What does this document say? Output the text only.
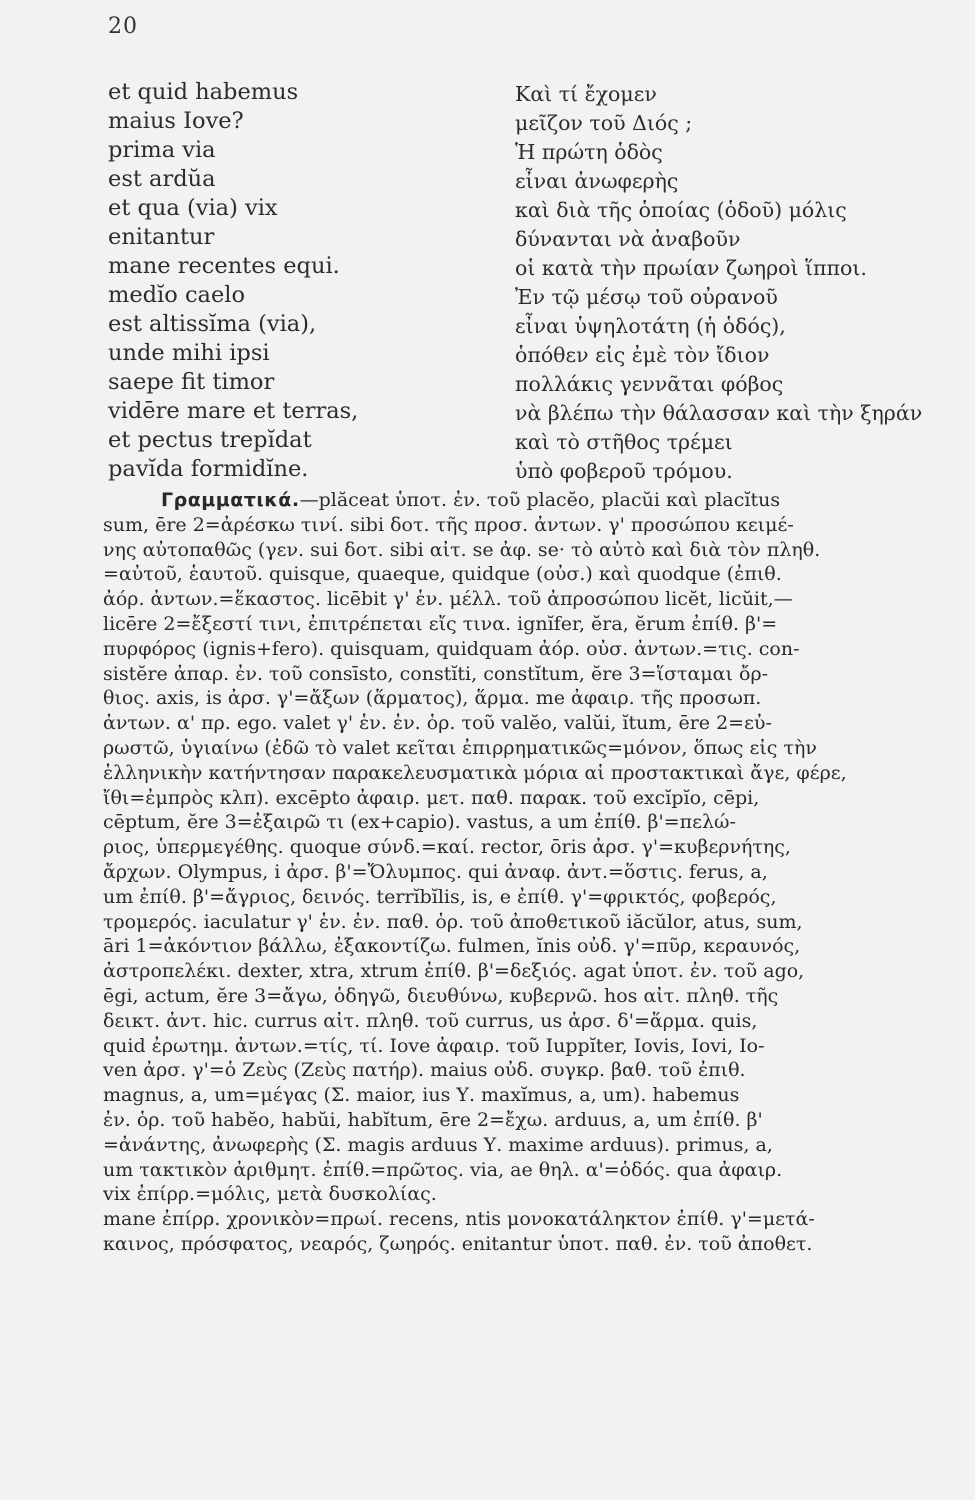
20
et quid habemus
maius Iove?
prima via
est ardŭa
et qua (via) vix
enitantur
mane recentes equi.
medĭo caelo
est altissĭma (via),
unde mihi ipsi
saepe fit timor
vidēre mare et terras,
et pectus trepĭdat
pavĭda formidĭne.
Καὶ τί ἔχομεν
μεῖζον τοῦ Διός ;
Ἡ πρώτη ὁδὸς
εἶναι ἀνωφερὴς
καὶ διὰ τῆς ὁποίας (ὁδοῦ) μόλις
δύνανται νὰ ἀναβοῦν
οἱ κατὰ τὴν πρωίαν ζωηροὶ ἵπποι.
Ἐν τῷ μέσῳ τοῦ οὐρανοῦ
εἶναι ὑψηλοτάτη (ἡ ὁδός),
ὁπόθεν εἰς ἐμὲ τὸν ἴδιον
πολλάκις γεννᾶται φόβος
νὰ βλέπω τὴν θάλασσαν καὶ τὴν ξηράν
καὶ τὸ στῆθος τρέμει
ὑπὸ φοβεροῦ τρόμου.
Γραμματικά.—plăceat ὑποτ. ἐν. τοῦ placĕo, placŭi καὶ placĭtus
sum, ēre 2=ἀρέσκω τινί. sibi δοτ. τῆς προσ. ἀντων. γ' προσώπου κειμέ-
νης αὐτοπαθῶς (γεν. sui δοτ. sibi αἰτ. se ἀφ. se· τὸ αὐτὸ καὶ διὰ τὸν πληθ.
=αὐτοῦ, ἑαυτοῦ. quisque, quaeque, quidque (οὐσ.) καὶ quodque (ἐπιθ.
ἀόρ. ἀντων.=ἕκαστος. licēbit γ' ἑν. μέλλ. τοῦ ἀπροσώπου licĕt, licŭit,—
licēre 2=ἔξεστί τινι, ἐπιτρέπεται εἴς τινα. ignĭfer, ĕra, ĕrum ἐπίθ. β'=
πυρφόρος (ignis+fero). quisquam, quidquam ἀόρ. οὐσ. ἀντων.=τις. con-
sistĕre ἀπαρ. ἐν. τοῦ consīsto, constĭti, constĭtum, ĕre 3=ἵσταμαι ὄρ-
θιος. axis, is ἀρσ. γ'=ἄξων (ἅρματος), ἅρμα. me ἀφαιρ. τῆς προσωπ.
ἀντων. α' πρ. ego. valet γ' ἑν. ἐν. ὁρ. τοῦ valĕo, valŭi, ĭtum, ēre 2=εὐ-
ρωστῶ, ὑγιαίνω (ἐδῶ τὸ valet κεῖται ἐπιρρηματικῶς=μόνον, ὅπως εἰς τὴν
ἑλληνικὴν κατήντησαν παρακελευσματικὰ μόρια αἱ προστακτικαὶ ἄγε, φέρε,
ἴθι=ἐμπρὸς κλπ). excēpto ἀφαιρ. μετ. παθ. παρακ. τοῦ excĭpĭo, cēpi,
cēptum, ĕre 3=ἐξαιρῶ τι (ex+capio). vastus, a um ἐπίθ. β'=πελώ-
ριος, ὑπερμεγέθης. quoque σύνδ.=καί. rector, ōris ἀρσ. γ'=κυβερνήτης,
ἄρχων. Olympus, i ἀρσ. β'=Ὄλυμπος. qui ἀναφ. ἀντ.=ὅστις. ferus, a,
um ἐπίθ. β'=ἄγριος, δεινός. terrĭbĭlis, is, e ἐπίθ. γ'=φρικτός, φοβερός,
τρομερός. iaculatur γ' ἑν. ἐν. παθ. ὁρ. τοῦ ἀποθετικοῦ iăcŭlor, atus, sum,
āri 1=ἀκόντιον βάλλω, ἐξακοντίζω. fulmen, ĭnis οὐδ. γ'=πῦρ, κεραυνός,
ἀστροπελέκι. dexter, xtra, xtrum ἐπίθ. β'=δεξιός. agat ὑποτ. ἐν. τοῦ ago,
ēgi, actum, ĕre 3=ἄγω, ὁδηγῶ, διευθύνω, κυβερνῶ. hos αἰτ. πληθ. τῆς
δεικτ. ἀντ. hic. currus αἰτ. πληθ. τοῦ currus, us ἀρσ. δ'=ἅρμα. quis,
quid ἐρωτημ. ἀντων.=τίς, τί. Iove ἀφαιρ. τοῦ Iuppĭter, Iovis, Iovi, Io-
ven ἀρσ. γ'=ὁ Ζεὺς (Ζεὺς πατήρ). maius οὐδ. συγκρ. βαθ. τοῦ ἐπιθ.
magnus, a, um=μέγας (Σ. maior, ius Υ. maxĭmus, a, um). habemus
ἐν. ὁρ. τοῦ habĕo, habŭi, habĭtum, ēre 2=ἔχω. arduus, a, um ἐπίθ. β'
=ἀνάντης, ἀνωφερὴς (Σ. magis arduus Υ. maxime arduus). primus, a,
um τακτικὸν ἀριθμητ. ἐπίθ.=πρῶτος. via, ae θηλ. α'=ὁδός. qua ἀφαιρ.
vix ἐπίρρ.=μόλις, μετὰ δυσκολίας.
mane ἐπίρρ. χρονικὸν=πρωί. recens, ntis μονοκατάληκτον ἐπίθ. γ'=μετά-
καινος, πρόσφατος, νεαρός, ζωηρός. enitantur ὑποτ. παθ. ἐν. τοῦ ἀποθετ.
